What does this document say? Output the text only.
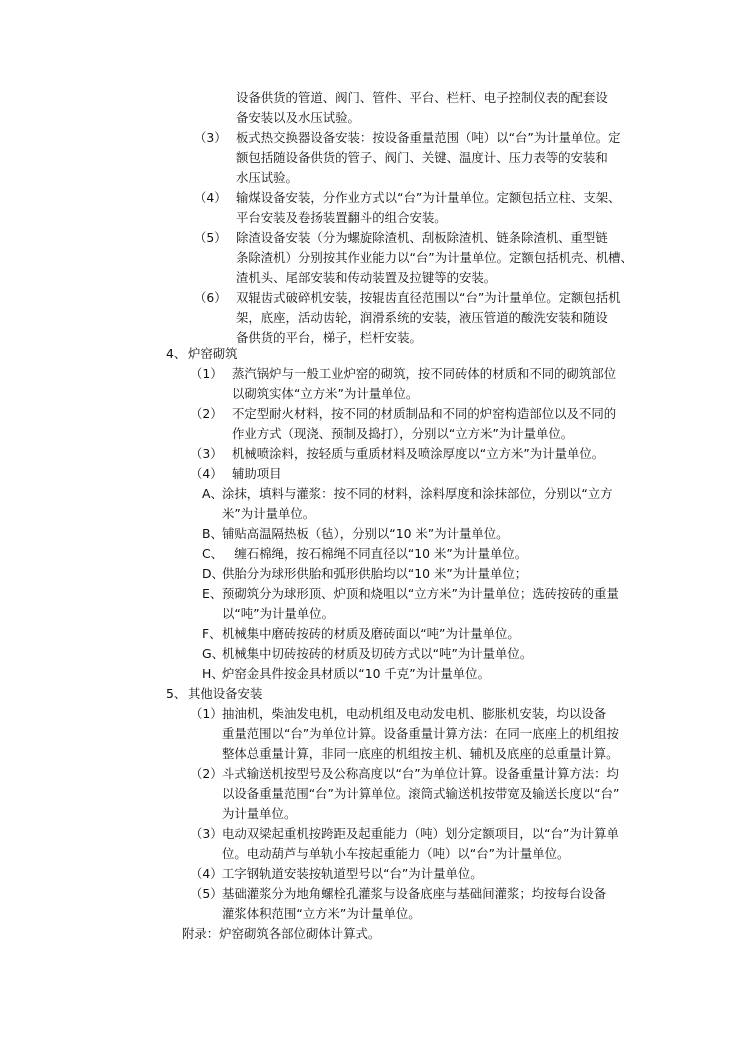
设备供货的管道、阀门、管件、平台、栏杆、电子控制仪表的配套设
备安装以及水压试验。
（3） 板式热交换器设备安装：按设备重量范围（吨）以“台”为计量单位。定
额包括随设备供货的管子、阀门、关键、温度计、压力表等的安装和
水压试验。
（4） 输煤设备安装，分作业方式以“台”为计量单位。定额包括立柱、支架、
平台安装及卷扬装置翻斗的组合安装。
（5） 除渣设备安装（分为螺旋除渣机、刮板除渣机、链条除渣机、重型链
条除渣机）分别按其作业能力以“台”为计量单位。定额包括机壳、机槽、
渣机头、尾部安装和传动装置及拉键等的安装。
（6） 双辊齿式破碎机安装，按辊齿直径范围以“台”为计量单位。定额包括机
架，底座，活动齿轮，润滑系统的安装，液压管道的酸洗安装和随设
备供货的平台，梯子，栏杆安装。
4、 炉窑砌筑
（1） 蒸汽锅炉与一般工业炉窑的砌筑，按不同砖体的材质和不同的砌筑部位
以砌筑实体“立方米”为计量单位。
（2） 不定型耐火材料，按不同的材质制品和不同的炉窑构造部位以及不同的
作业方式（现浇、预制及捣打），分别以“立方米”为计量单位。
（3） 机械喷涂料，按轻质与重质材料及喷涂厚度以“立方米”为计量单位。
（4） 辅助项目
A、 涂抹，填料与灌浆：按不同的材料，涂料厚度和涂抹部位，分别以“立方
米”为计量单位。
B、 铺贴高温隔热板（毡），分别以“10 米”为计量单位。
C、
　缠石棉绳，按石棉绳不同直径以“10 米”为计量单位。
D、
供胎分为球形供胎和弧形供胎均以“10 米”为计量单位；
E、 预砌筑分为球形顶、炉顶和烧咀以“立方米”为计量单位；选砖按砖的重量
以“吨”为计量单位。
F、 机械集中磨砖按砖的材质及磨砖面以“吨”为计量单位。
G、
机械集中切砖按砖的材质及切砖方式以“吨”为计量单位。
H、
炉窑金具件按金具材质以“10 千克”为计量单位。
5、 其他设备安装
（1） 抽油机，柴油发电机，电动机组及电动发电机、膨胀机安装，均以设备
重量范围以“台”为单位计算。设备重量计算方法：在同一底座上的机组按
整体总重量计算，非同一底座的机组按主机、辅机及底座的总重量计算。
（2） 斗式输送机按型号及公称高度以“台”为单位计算。设备重量计算方法：均
以设备重量范围“台”为计算单位。滚筒式输送机按带宽及输送长度以“台”
为计量单位。
（3） 电动双梁起重机按跨距及起重能力（吨）划分定额项目，以“台”为计算单
位。电动葫芦与单轨小车按起重能力（吨）以“台”为计量单位。
（4） 工字钢轨道安装按轨道型号以“台”为计量单位。
（5） 基础灌浆分为地角螺栓孔灌浆与设备底座与基础间灌浆；均按每台设备
灌浆体积范围“立方米”为计量单位。
附录：炉窑砌筑各部位砌体计算式。
